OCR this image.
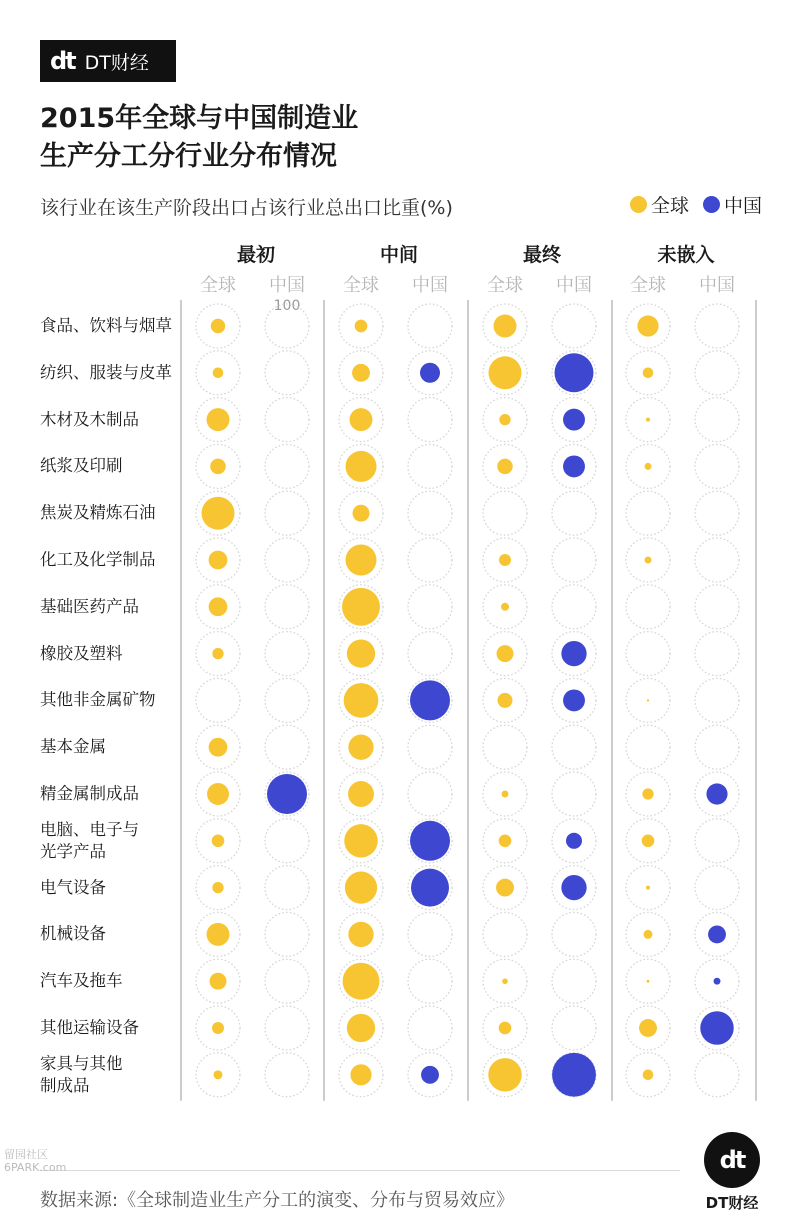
dt DT财经
2015年全球与中国制造业
生产分工分行业分布情况
该行业在该生产阶段出口占该行业总出口比重(%)	全球 中国
最初	中间	最终	未嵌入
全球 中国 全球 中国 全球 中国 全球 中国
100
食品、饮料与烟草
纺织、服装与皮革
木材及木制品
纸浆及印刷
焦炭及精炼石油
化工及化学制品
基础医药产品
橡胶及塑料
其他非金属矿物
基本金属
精金属制成品
电脑、电子与
光学产品
电气设备
机械设备
汽车及拖车
其他运输设备
家具与其他
制成品
数据来源:《全球制造业生产分工的演变、分布与贸易效应》
dt
DT财经
留园社区
6PARK.com
